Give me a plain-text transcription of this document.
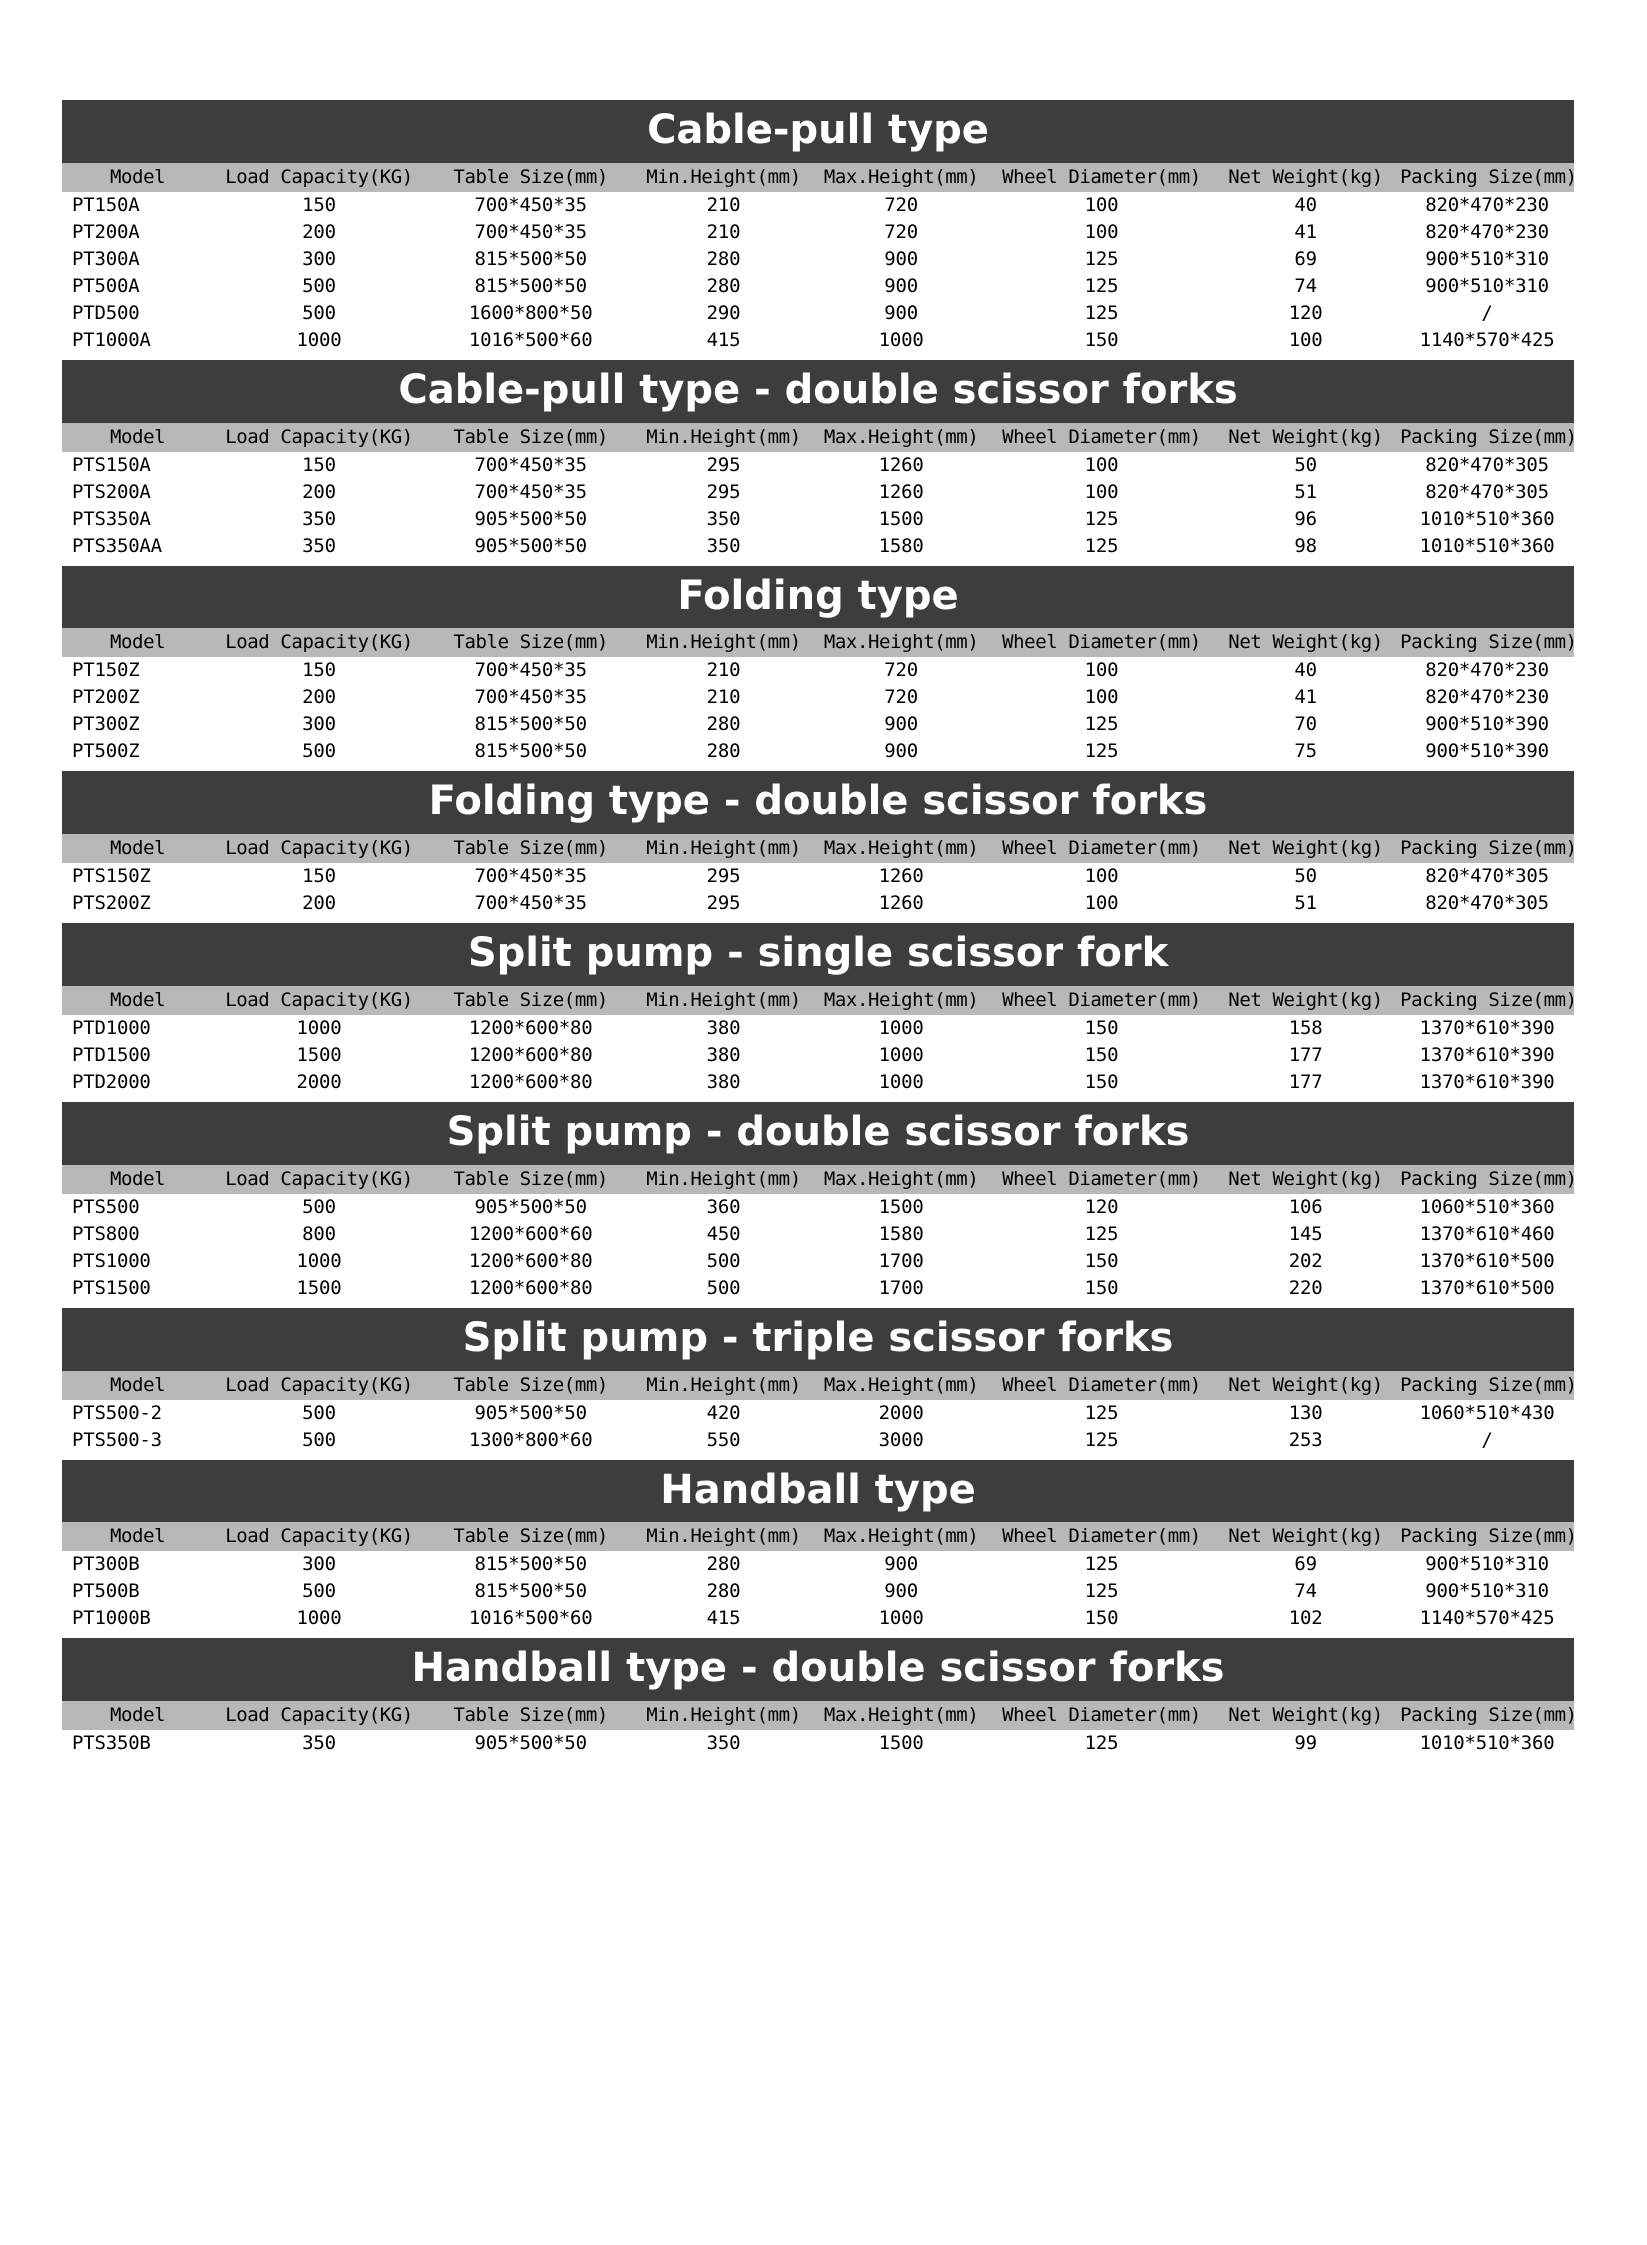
Cable-pull type
Model	Load Capacity(KG)	Table Size(mm)	Min.Height(mm)	Max.Height(mm)	Wheel Diameter(mm)	Net Weight(kg)	Packing Size(mm)
PT150A	150	700*450*35	210	720	100	40	820*470*230
PT200A	200	700*450*35	210	720	100	41	820*470*230
PT300A	300	815*500*50	280	900	125	69	900*510*310
PT500A	500	815*500*50	280	900	125	74	900*510*310
PTD500	500	1600*800*50	290	900	125	120	/
PT1000A	1000	1016*500*60	415	1000	150	100	1140*570*425
Cable-pull type - double scissor forks
Model	Load Capacity(KG)	Table Size(mm)	Min.Height(mm)	Max.Height(mm)	Wheel Diameter(mm)	Net Weight(kg)	Packing Size(mm)
PTS150A	150	700*450*35	295	1260	100	50	820*470*305
PTS200A	200	700*450*35	295	1260	100	51	820*470*305
PTS350A	350	905*500*50	350	1500	125	96	1010*510*360
PTS350AA	350	905*500*50	350	1580	125	98	1010*510*360
Folding type
Model	Load Capacity(KG)	Table Size(mm)	Min.Height(mm)	Max.Height(mm)	Wheel Diameter(mm)	Net Weight(kg)	Packing Size(mm)
PT150Z	150	700*450*35	210	720	100	40	820*470*230
PT200Z	200	700*450*35	210	720	100	41	820*470*230
PT300Z	300	815*500*50	280	900	125	70	900*510*390
PT500Z	500	815*500*50	280	900	125	75	900*510*390
Folding type - double scissor forks
Model	Load Capacity(KG)	Table Size(mm)	Min.Height(mm)	Max.Height(mm)	Wheel Diameter(mm)	Net Weight(kg)	Packing Size(mm)
PTS150Z	150	700*450*35	295	1260	100	50	820*470*305
PTS200Z	200	700*450*35	295	1260	100	51	820*470*305
Split pump - single scissor fork
Model	Load Capacity(KG)	Table Size(mm)	Min.Height(mm)	Max.Height(mm)	Wheel Diameter(mm)	Net Weight(kg)	Packing Size(mm)
PTD1000	1000	1200*600*80	380	1000	150	158	1370*610*390
PTD1500	1500	1200*600*80	380	1000	150	177	1370*610*390
PTD2000	2000	1200*600*80	380	1000	150	177	1370*610*390
Split pump - double scissor forks
Model	Load Capacity(KG)	Table Size(mm)	Min.Height(mm)	Max.Height(mm)	Wheel Diameter(mm)	Net Weight(kg)	Packing Size(mm)
PTS500	500	905*500*50	360	1500	120	106	1060*510*360
PTS800	800	1200*600*60	450	1580	125	145	1370*610*460
PTS1000	1000	1200*600*80	500	1700	150	202	1370*610*500
PTS1500	1500	1200*600*80	500	1700	150	220	1370*610*500
Split pump - triple scissor forks
Model	Load Capacity(KG)	Table Size(mm)	Min.Height(mm)	Max.Height(mm)	Wheel Diameter(mm)	Net Weight(kg)	Packing Size(mm)
PTS500-2	500	905*500*50	420	2000	125	130	1060*510*430
PTS500-3	500	1300*800*60	550	3000	125	253	/
Handball type
Model	Load Capacity(KG)	Table Size(mm)	Min.Height(mm)	Max.Height(mm)	Wheel Diameter(mm)	Net Weight(kg)	Packing Size(mm)
PT300B	300	815*500*50	280	900	125	69	900*510*310
PT500B	500	815*500*50	280	900	125	74	900*510*310
PT1000B	1000	1016*500*60	415	1000	150	102	1140*570*425
Handball type - double scissor forks
Model	Load Capacity(KG)	Table Size(mm)	Min.Height(mm)	Max.Height(mm)	Wheel Diameter(mm)	Net Weight(kg)	Packing Size(mm)
PTS350B	350	905*500*50	350	1500	125	99	1010*510*360
